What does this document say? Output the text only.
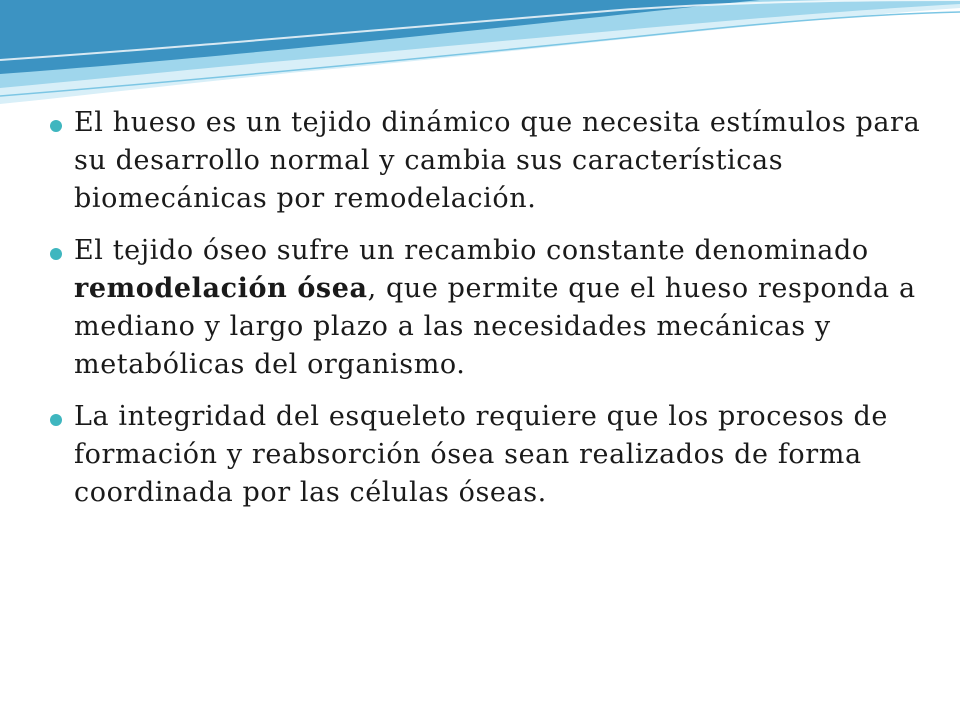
El hueso es un tejido dinámico que necesita estímulos para su desarrollo normal y cambia sus características biomecánicas por remodelación.
El tejido óseo sufre un recambio constante denominado remodelación ósea, que permite que el hueso responda a mediano y largo plazo a las necesidades mecánicas y metabólicas del organismo.
La integridad del esqueleto requiere que los procesos de formación y reabsorción ósea sean realizados de forma coordinada por las células óseas.
